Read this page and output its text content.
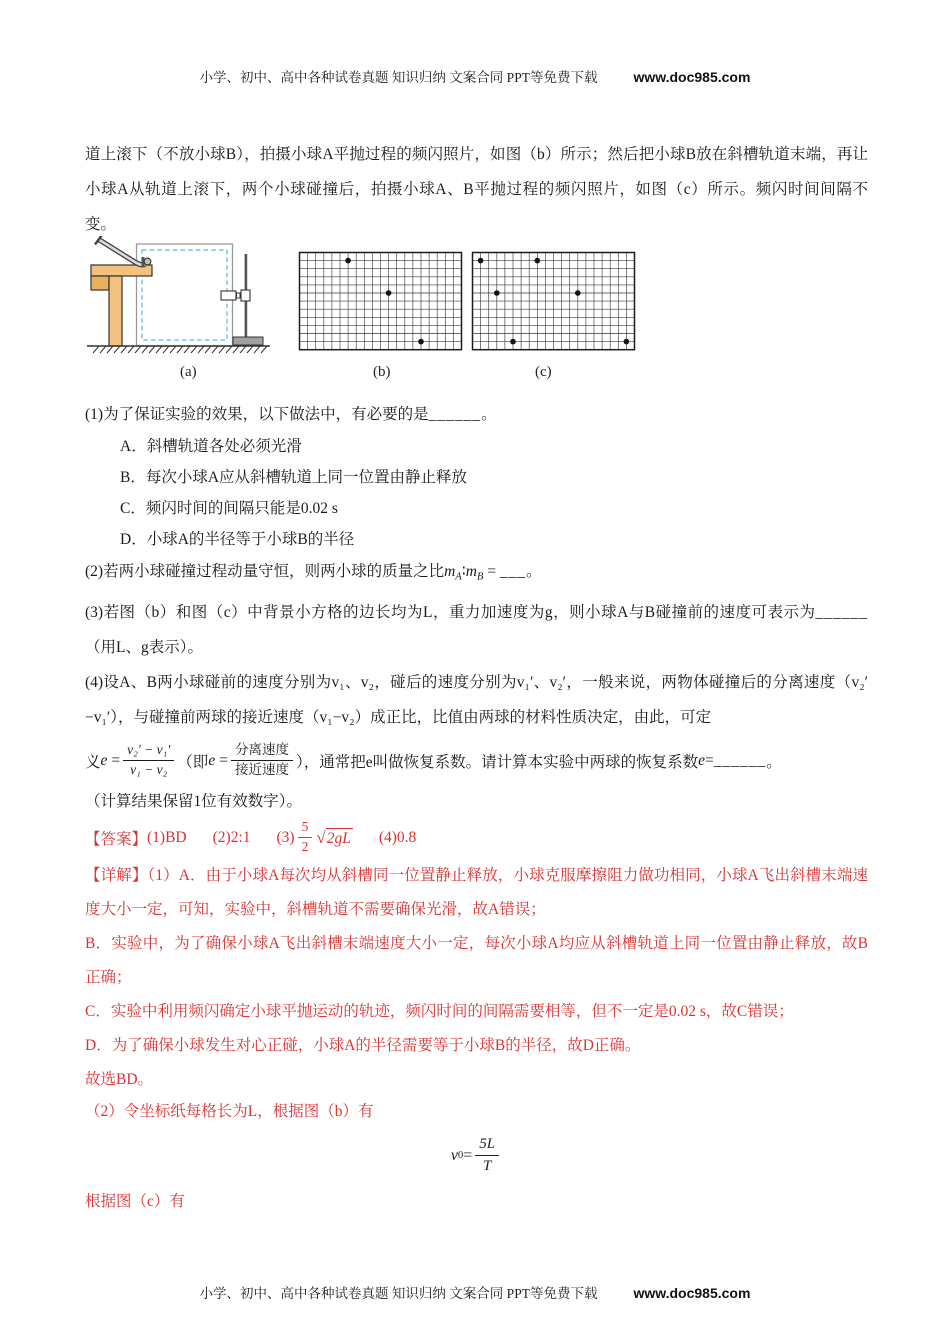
小学、初中、高中各种试卷真题 知识归纳 文案合同 PPT等免费下载	www.doc985.com

道上滚下（不放小球B），拍摄小球A平抛过程的频闪照片，如图（b）所示；然后把小球B放在斜槽轨道末端，再让小球A从轨道上滚下，两个小球碰撞后，拍摄小球A、B平抛过程的频闪照片，如图（c）所示。频闪时间间隔不变。

(a)	(b)	(c)

(1)为了保证实验的效果，以下做法中，有必要的是______。

A．斜槽轨道各处必须光滑
B．每次小球A应从斜槽轨道上同一位置由静止释放
C．频闪时间的间隔只能是0.02 s
D．小球A的半径等于小球B的半径

(2)若两小球碰撞过程动量守恒，则两小球的质量之比$m_A∶m_B$ = ___。

(3)若图（b）和图（c）中背景小方格的边长均为L，重力加速度为g，则小球A与B碰撞前的速度可表示为______（用L、g表示）。

(4)设A、B两小球碰前的速度分别为v₁、v₂，碰后的速度分别为v₁′、v₂′，一般来说，两物体碰撞后的分离速度（v₂′−v₁′），与碰撞前两球的接近速度（v₁−v₂）成正比，比值由两球的材料性质决定，由此，可定

义 $e = \frac{\text{v₂′ − v₁′}}{\text{v₁ − v₂}}$ （即 $e = \frac{\text{分离速度}}{\text{接近速度}}$ ），通常把e叫做恢复系数。请计算本实验中两球的恢复系数 e = ______ 。

（计算结果保留1位有效数字）。

【答案】 (1)BD (2)2:1 $(3) \frac{5}{2}$ √ 2gL (4)0.8

【详解】（1）A．由于小球A每次均从斜槽同一位置静止释放，小球克服摩擦阻力做功相同，小球A飞出斜槽末端速度大小一定，可知，实验中，斜槽轨道不需要确保光滑，故A错误；

B．实验中，为了确保小球A飞出斜槽末端速度大小一定，每次小球A均应从斜槽轨道上同一位置由静止释放，故B正确；

C．实验中利用频闪确定小球平抛运动的轨迹，频闪时间的间隔需要相等，但不一定是0.02 s，故C错误；

D．为了确保小球发生对心正碰，小球A的半径需要等于小球B的半径，故D正确。

故选BD。

（2）令坐标纸每格长为L，根据图（b）有

v $0 = \frac{5L}{T}$

根据图（c）有

小学、初中、高中各种试卷真题 知识归纳 文案合同 PPT等免费下载	www.doc985.com
